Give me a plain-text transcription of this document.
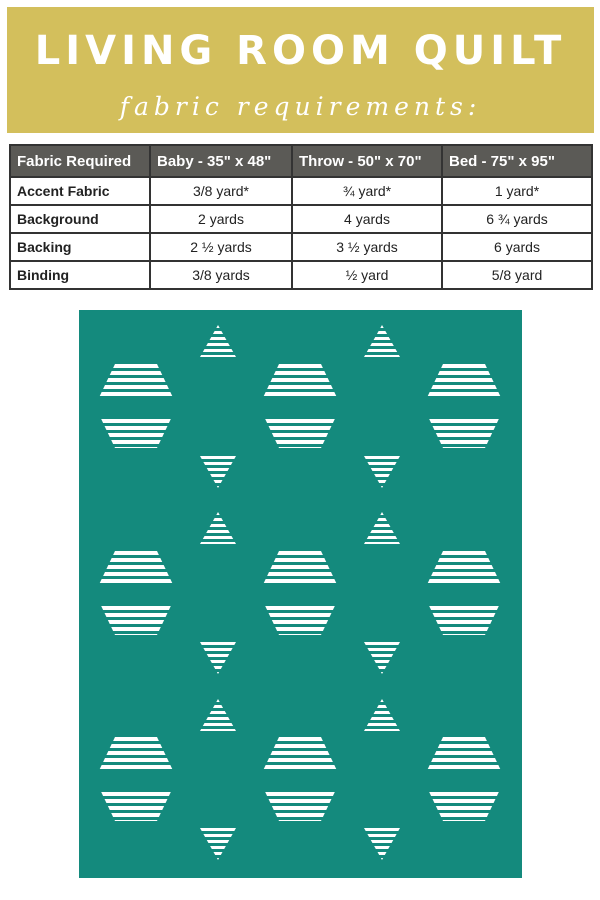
LIVING ROOM QUILT
fabric requirements:
Fabric Required	Baby - 35" x 48"	Throw - 50" x 70"	Bed - 75" x 95"
Accent Fabric	3/8 yard*	¾ yard*	1 yard*
Background	2 yards	4 yards	6 ¾ yards
Backing	2 ½ yards	3 ½ yards	6 yards
Binding	3/8 yards	½ yard	5/8 yard
